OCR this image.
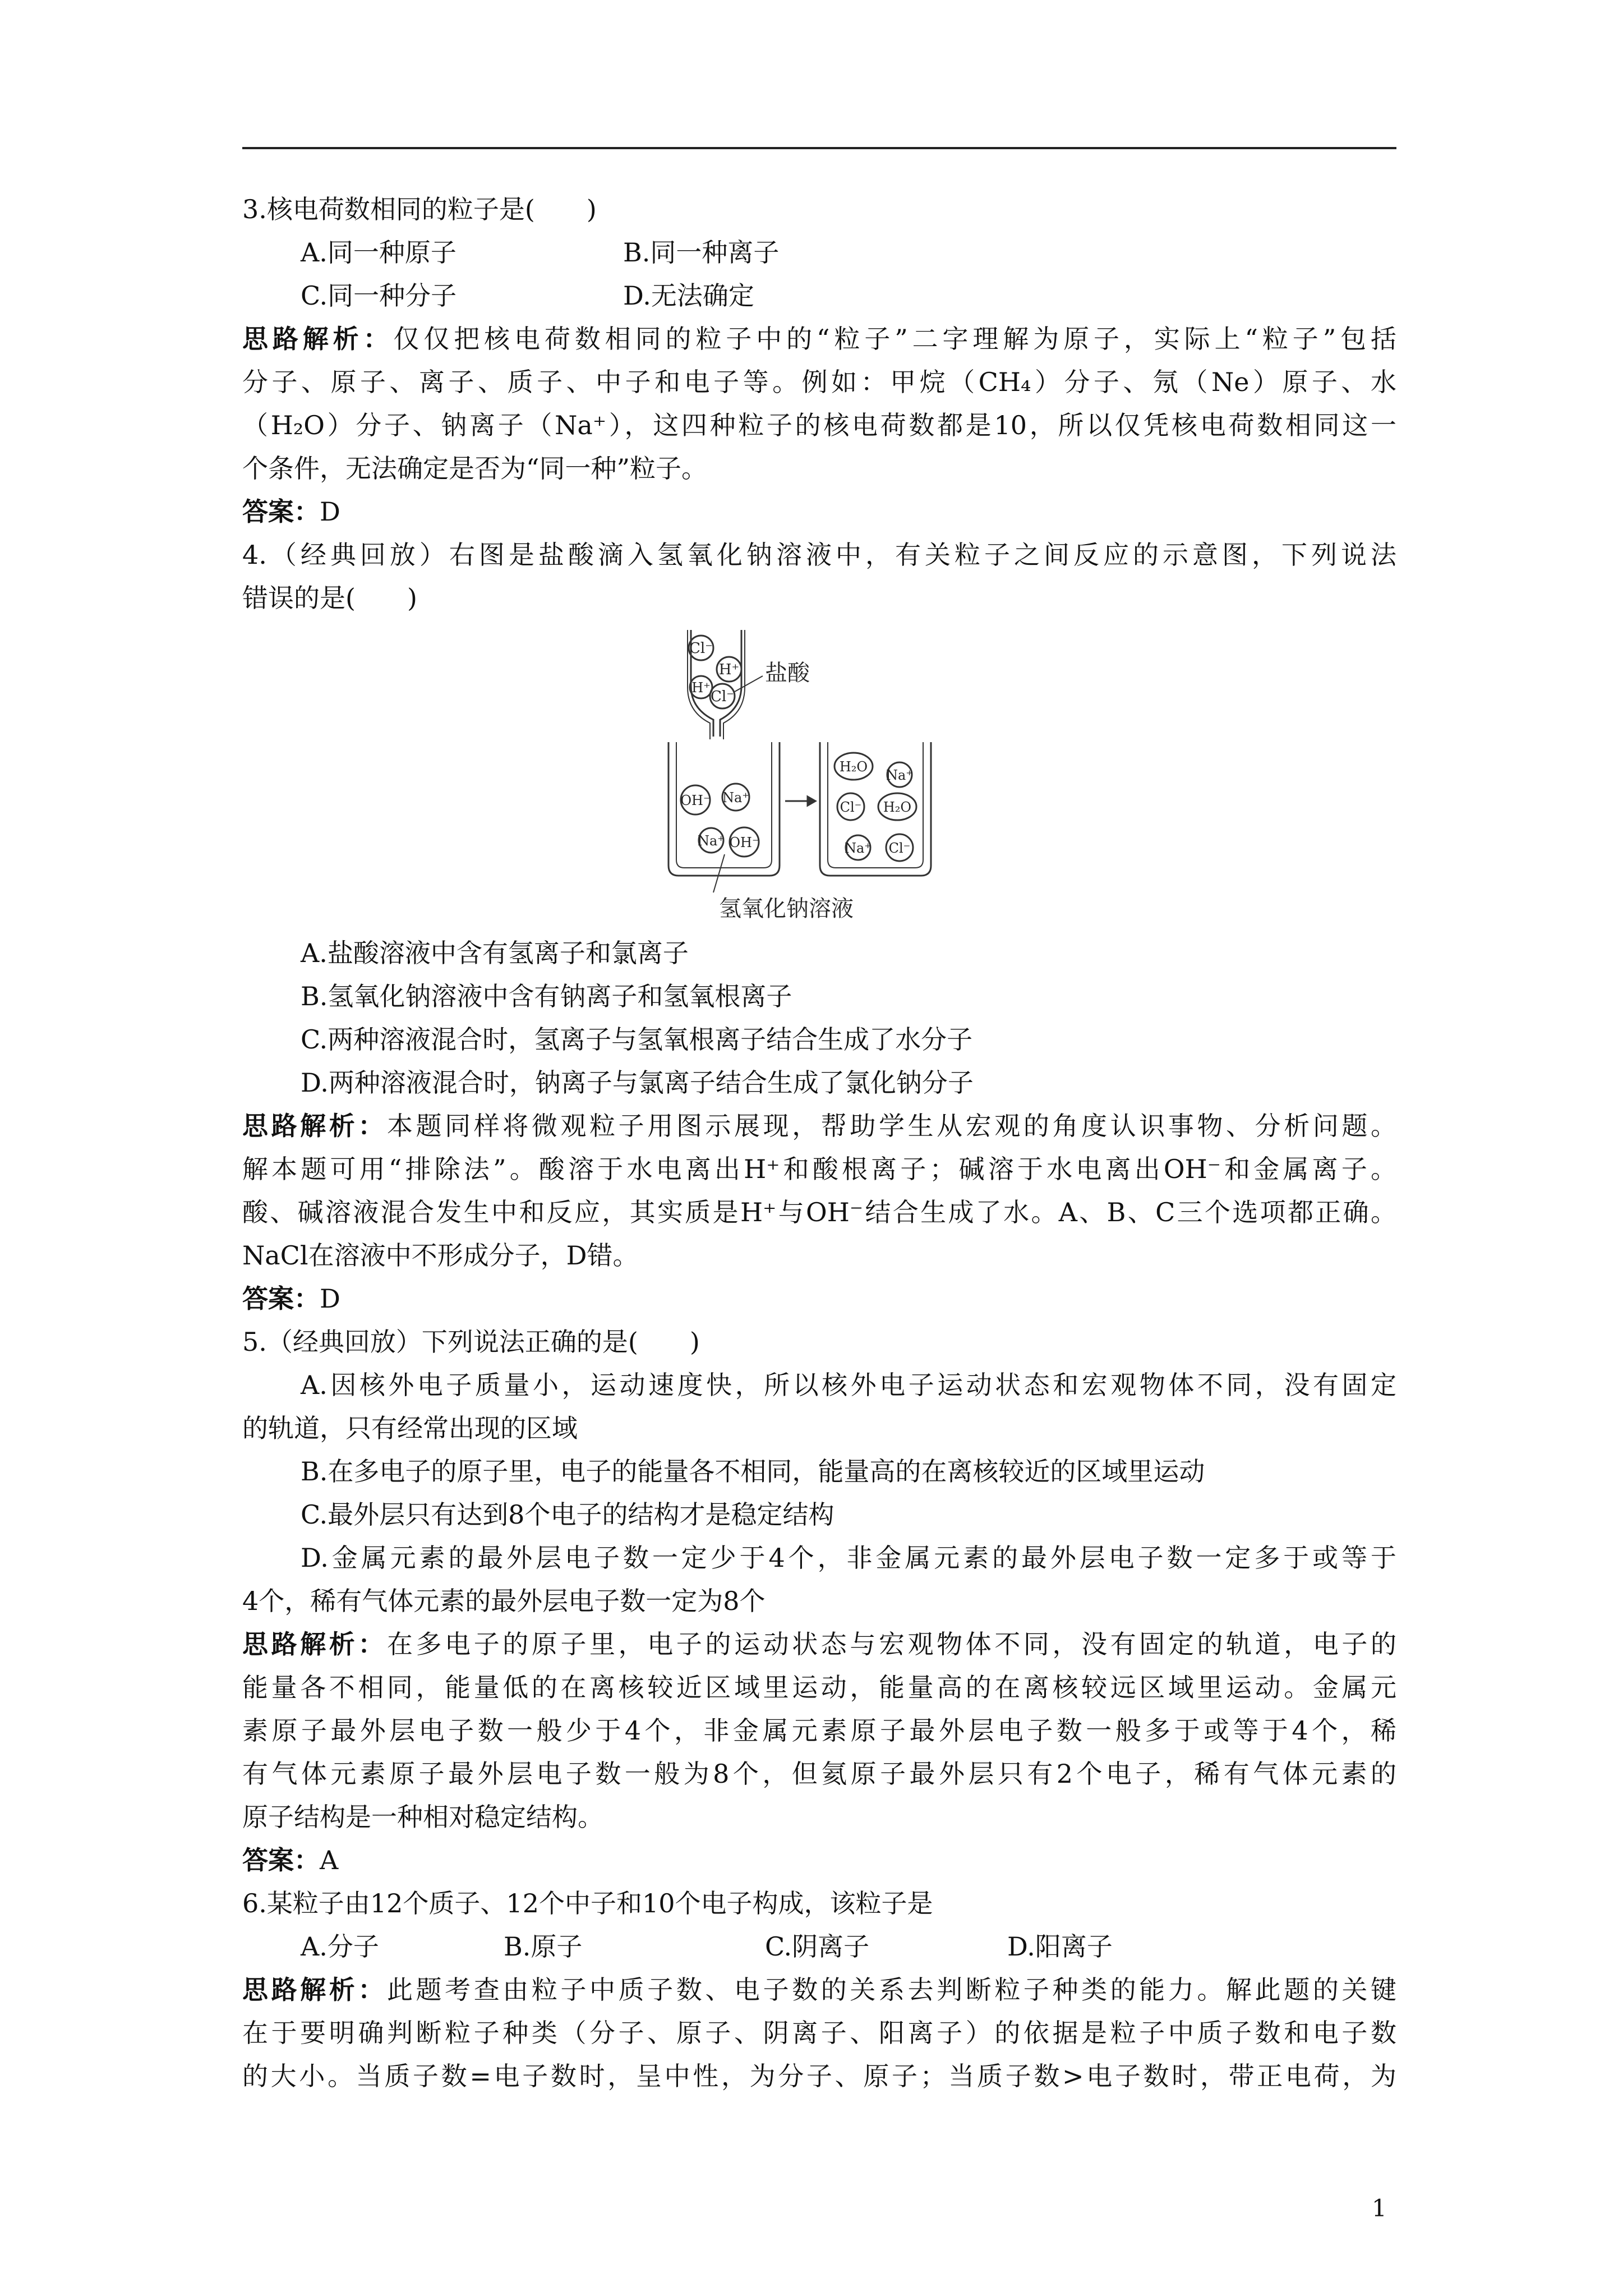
3.核电荷数相同的粒子是(　　)
A.同一种原子	B.同一种离子
C.同一种分子	D.无法确定
思路解析：仅仅把核电荷数相同的粒子中的“粒子”二字理解为原子，实际上“粒子”包括
分子、原子、离子、质子、中子和电子等。例如：甲烷（CH₄）分子、氖（Ne）原子、水
（H₂O）分子、钠离子（Na⁺），这四种粒子的核电荷数都是10，所以仅凭核电荷数相同这一
个条件，无法确定是否为“同一种”粒子。
答案：D
4.（经典回放）右图是盐酸滴入氢氧化钠溶液中，有关粒子之间反应的示意图，下列说法
错误的是(　　)
Cl⁻
H⁺
H⁺
Cl⁻
盐酸
OH⁻ Na⁺
Na⁺ OH⁻
H₂O
Na⁺
Cl⁻ H₂O
Na⁺ Cl⁻
氢氧化钠溶液
A.盐酸溶液中含有氢离子和氯离子
B.氢氧化钠溶液中含有钠离子和氢氧根离子
C.两种溶液混合时，氢离子与氢氧根离子结合生成了水分子
D.两种溶液混合时，钠离子与氯离子结合生成了氯化钠分子
思路解析：本题同样将微观粒子用图示展现，帮助学生从宏观的角度认识事物、分析问题。
解本题可用“排除法”。酸溶于水电离出H⁺和酸根离子；碱溶于水电离出OH⁻和金属离子。
酸、碱溶液混合发生中和反应，其实质是H⁺与OH⁻结合生成了水。A、B、C三个选项都正确。
NaCl在溶液中不形成分子，D错。
答案：D
5.（经典回放）下列说法正确的是(　　)
A.因核外电子质量小，运动速度快，所以核外电子运动状态和宏观物体不同，没有固定
的轨道，只有经常出现的区域
B.在多电子的原子里，电子的能量各不相同，能量高的在离核较近的区域里运动
C.最外层只有达到8个电子的结构才是稳定结构
D.金属元素的最外层电子数一定少于4个，非金属元素的最外层电子数一定多于或等于
4个，稀有气体元素的最外层电子数一定为8个
思路解析：在多电子的原子里，电子的运动状态与宏观物体不同，没有固定的轨道，电子的
能量各不相同，能量低的在离核较近区域里运动，能量高的在离核较远区域里运动。金属元
素原子最外层电子数一般少于4个，非金属元素原子最外层电子数一般多于或等于4个，稀
有气体元素原子最外层电子数一般为8个，但氦原子最外层只有2个电子，稀有气体元素的
原子结构是一种相对稳定结构。
答案：A
6.某粒子由12个质子、12个中子和10个电子构成，该粒子是
A.分子	B.原子	C.阴离子	D.阳离子
思路解析：此题考查由粒子中质子数、电子数的关系去判断粒子种类的能力。解此题的关键
在于要明确判断粒子种类（分子、原子、阴离子、阳离子）的依据是粒子中质子数和电子数
的大小。当质子数=电子数时，呈中性，为分子、原子；当质子数>电子数时，带正电荷，为
1
